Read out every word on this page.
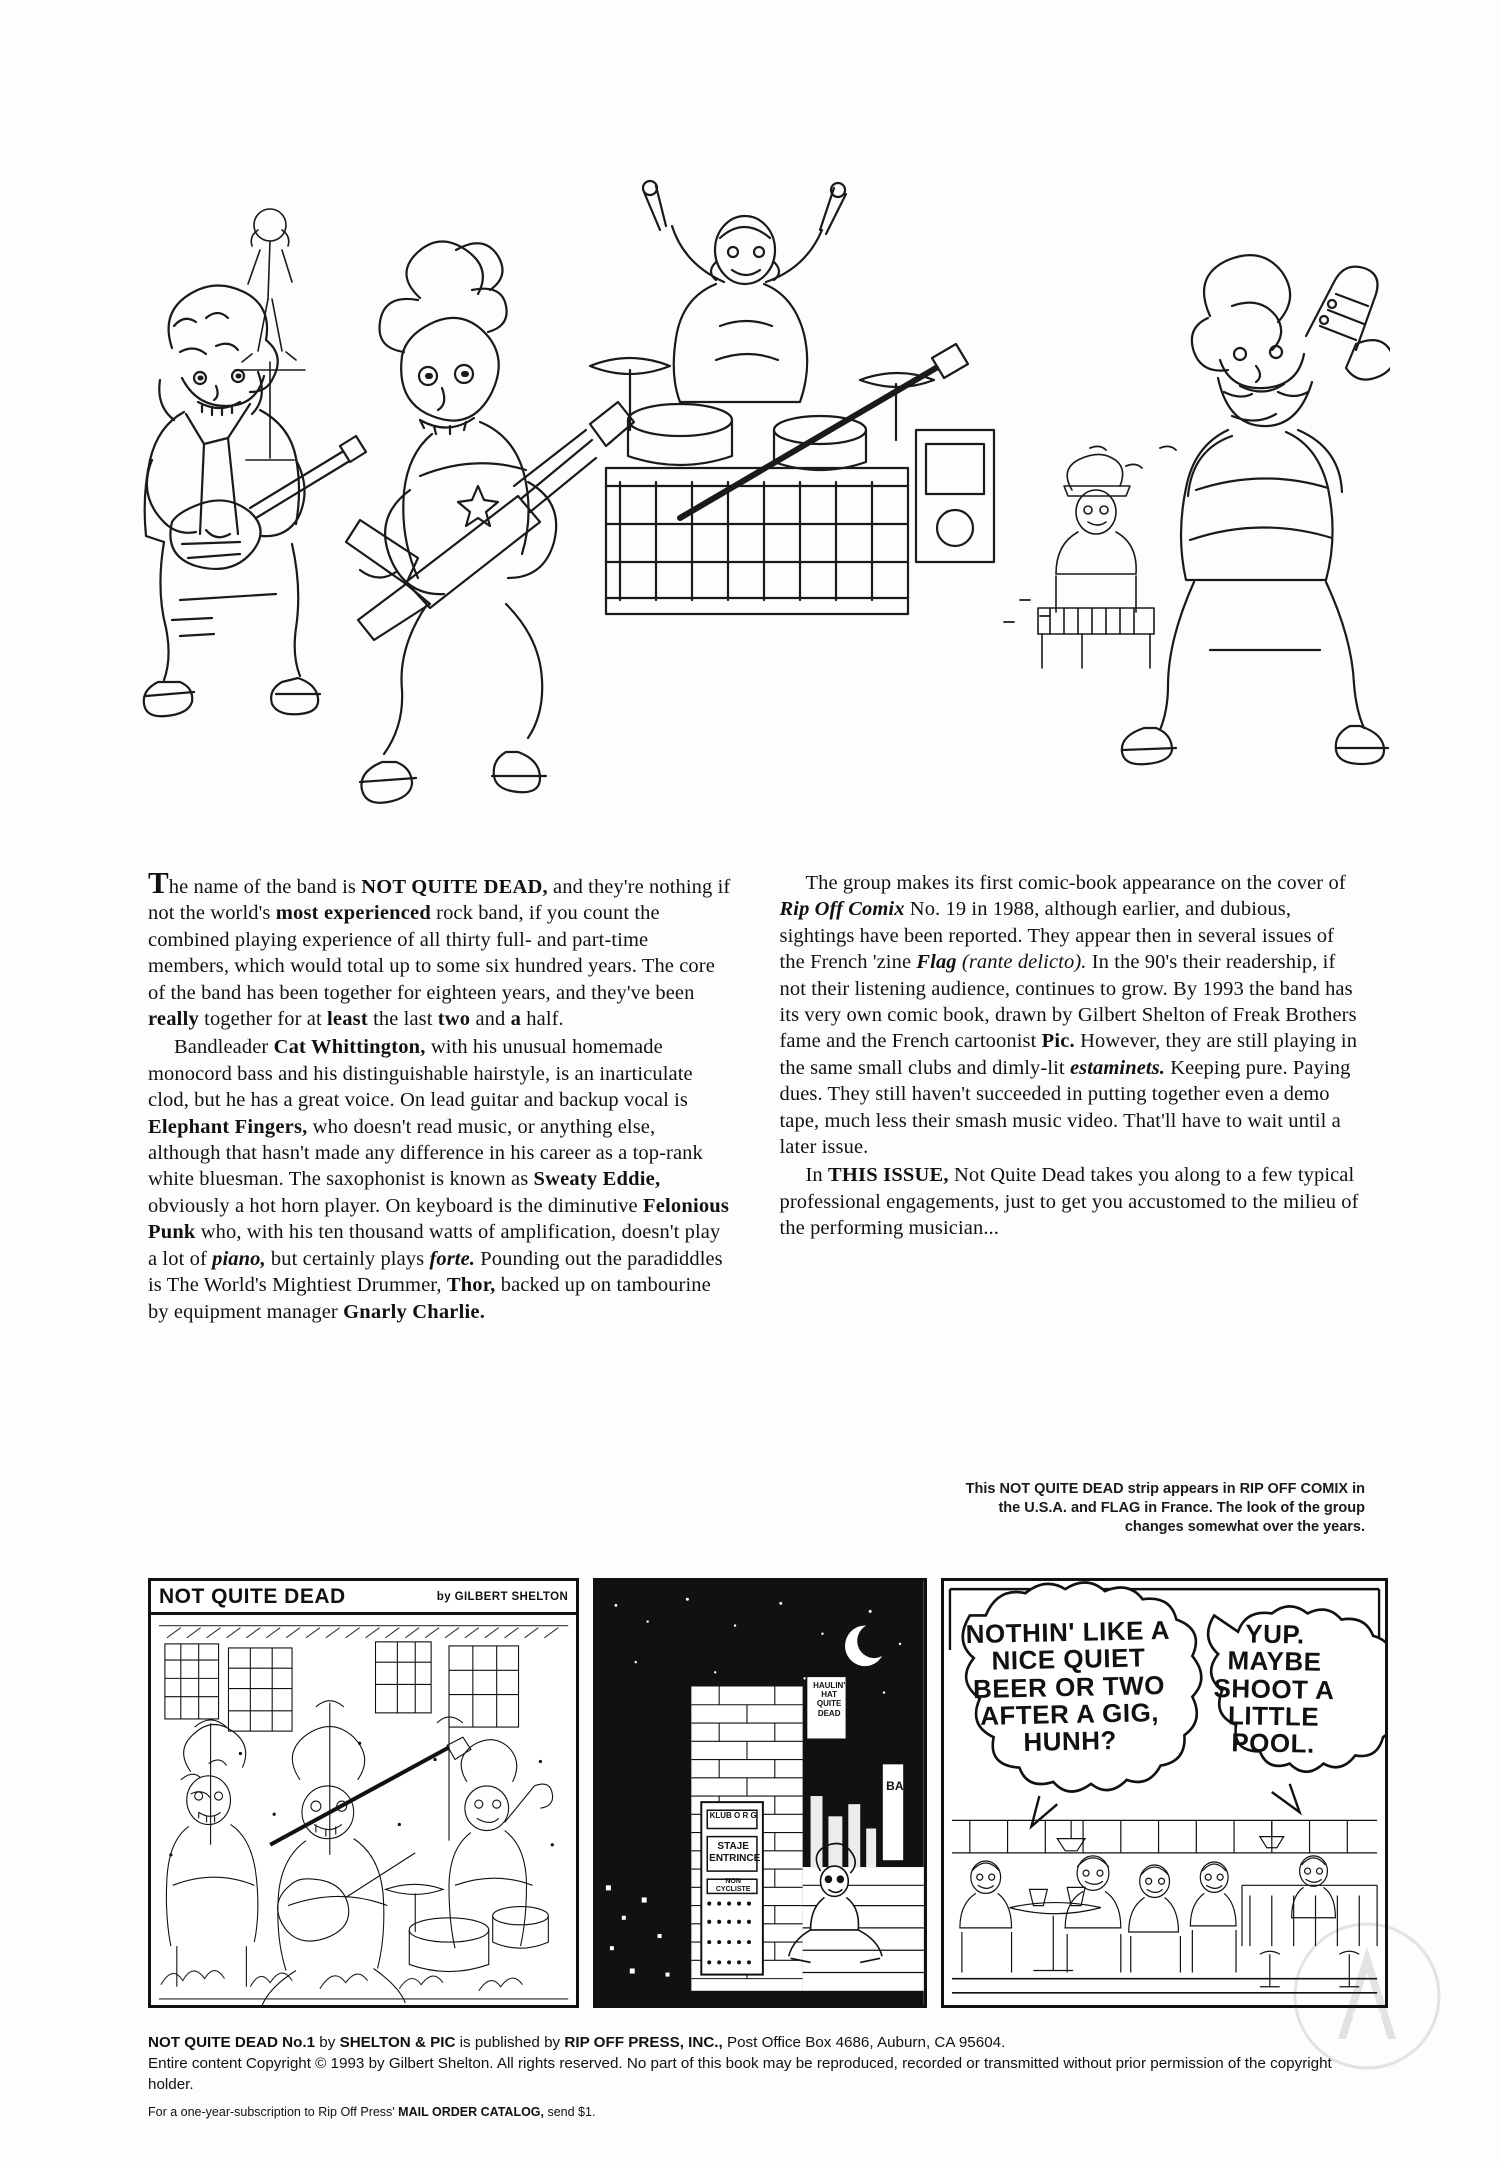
The name of the band is NOT QUITE DEAD, and they're nothing if not the world's most experienced rock band, if you count the combined playing experience of all thirty full- and part-time members, which would total up to some six hundred years. The core of the band has been together for eighteen years, and they've been really together for at least the last two and a half.

Bandleader Cat Whittington, with his unusual homemade monocord bass and his distinguishable hairstyle, is an inarticulate clod, but he has a great voice. On lead guitar and backup vocal is Elephant Fingers, who doesn't read music, or anything else, although that hasn't made any difference in his career as a top-rank white bluesman. The saxophonist is known as Sweaty Eddie, obviously a hot horn player. On keyboard is the diminutive Felonious Punk who, with his ten thousand watts of amplification, doesn't play a lot of piano, but certainly plays forte. Pounding out the paradiddles is The World's Mightiest Drummer, Thor, backed up on tambourine by equipment manager Gnarly Charlie.

The group makes its first comic-book appearance on the cover of Rip Off Comix No. 19 in 1988, although earlier, and dubious, sightings have been reported. They appear then in several issues of the French 'zine Flag (rante delicto). In the 90's their readership, if not their listening audience, continues to grow. By 1993 the band has its very own comic book, drawn by Gilbert Shelton of Freak Brothers fame and the French cartoonist Pic. However, they are still playing in the same small clubs and dimly-lit estaminets. Keeping pure. Paying dues. They still haven't succeeded in putting together even a demo tape, much less their smash music video. That'll have to wait until a later issue.

In THIS ISSUE, Not Quite Dead takes you along to a few typical professional engagements, just to get you accustomed to the milieu of the performing musician...

This NOT QUITE DEAD strip appears in RIP OFF COMIX in the U.S.A. and FLAG in France. The look of the group changes somewhat over the years.
NOT QUITE DEAD	by GILBERT SHELTON
HAULIN' HAT QUITE DEAD
KLUB O R G
STAJE ENTRINCE
NON CYCLISTE
BAR
NOTHIN' LIKE A NICE QUIET BEER OR TWO AFTER A GIG, HUNH?
YUP. MAYBE SHOOT A LITTLE POOL.
NOT QUITE DEAD No.1 by SHELTON & PIC is published by RIP OFF PRESS, INC., Post Office Box 4686, Auburn, CA 95604.
Entire content Copyright © 1993 by Gilbert Shelton. All rights reserved. No part of this book may be reproduced, recorded or transmitted without prior permission of the copyright holder.
For a one-year-subscription to Rip Off Press' MAIL ORDER CATALOG, send $1.
